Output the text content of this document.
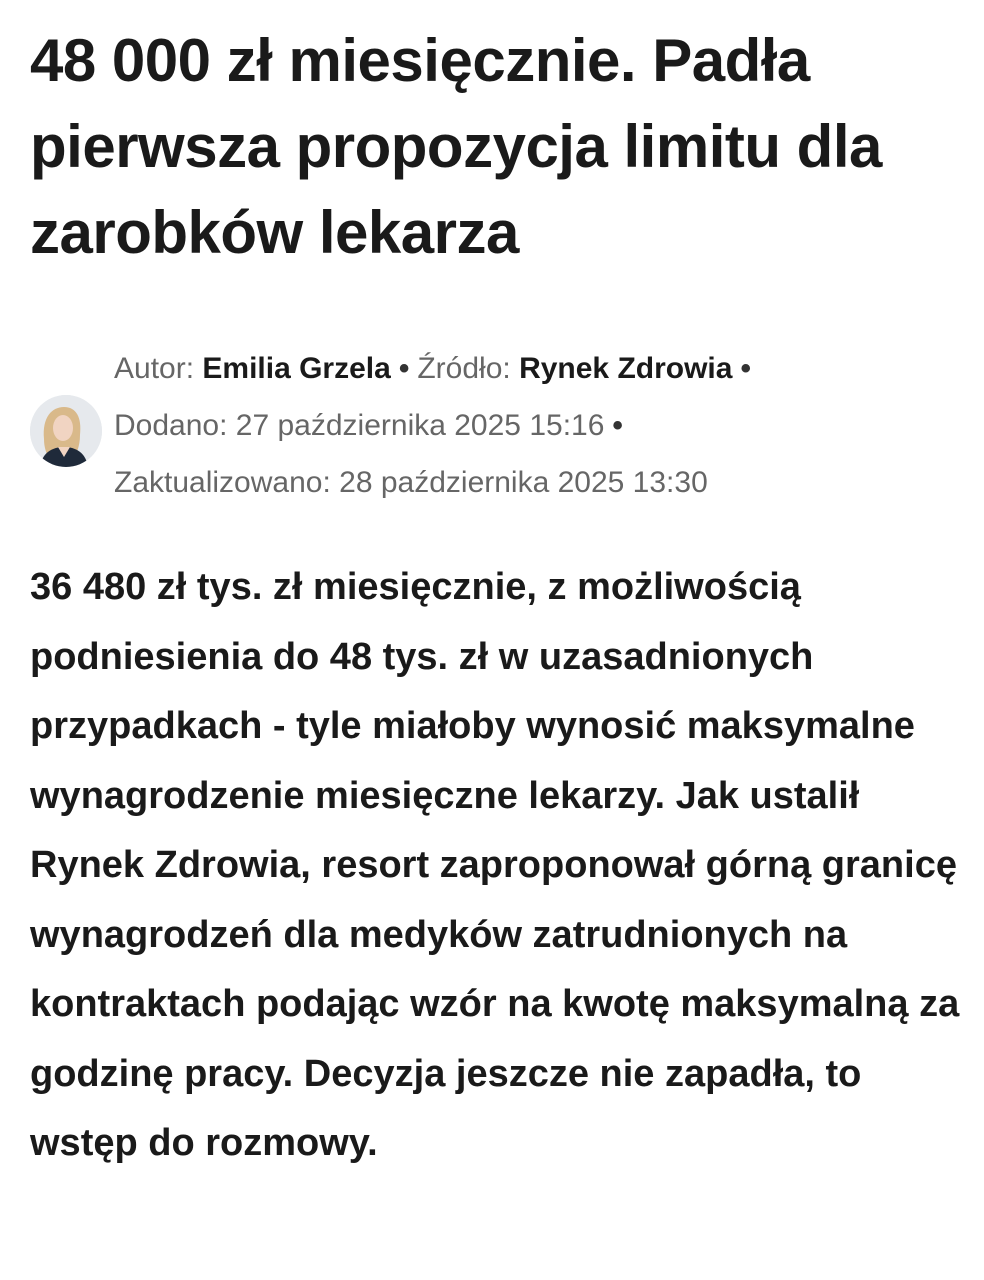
48 000 zł miesięcznie. Padła pierwsza propozycja limitu dla zarobków lekarza
Autor: Emilia Grzela • Źródło: Rynek Zdrowia •
Dodano: 27 października 2025 15:16 •
Zaktualizowano: 28 października 2025 13:30

36 480 zł tys. zł miesięcznie, z możliwością podniesienia do 48 tys. zł w uzasadnionych przypadkach - tyle miałoby wynosić maksymalne wynagrodzenie miesięczne lekarzy. Jak ustalił Rynek Zdrowia, resort zaproponował górną granicę wynagrodzeń dla medyków zatrudnionych na kontraktach podając wzór na kwotę maksymalną za godzinę pracy. Decyzja jeszcze nie zapadła, to wstęp do rozmowy.
